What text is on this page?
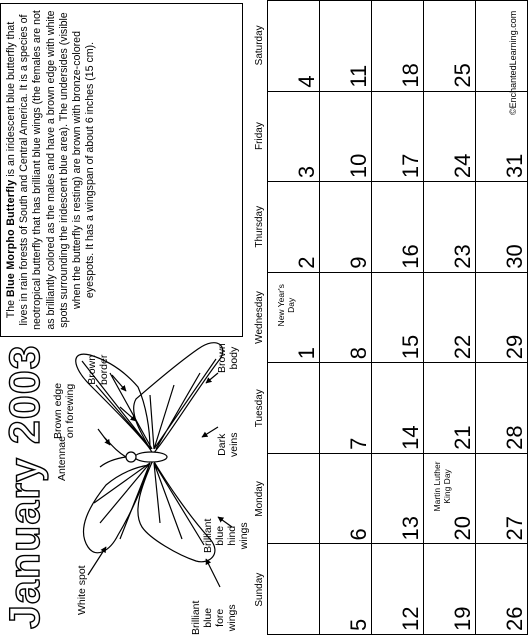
January 2003
The Blue Morpho Butterfly is an iridescent blue butterfly that lives in rain forests of South and Central America. It is a species of neotropical butterfly that has brilliant blue wings (the females are not as brilliantly colored as the males and have a brown edge with white spots surrounding the iridescent blue area). The undersides (visible when the butterfly is resting) are brown with bronze-colored eyespots. It has a wingspan of about 6 inches (15 cm).	©EnchantedLearning.com
White spot
Antennae
Brown edge on forewing
Brown border
Brilliant blue fore wings
Brilliant blue hind wings
Dark veins
Brown body
Sunday
Monday
Tuesday
Wednesday
Thursday
Friday
Saturday
1
New Year's Day
2
3
4
5
6
7
8
9
10
11
12
13
14
15
16
17
18
19
20
Martin Luther King Day
21
22
23
24
25
26
27
28
29
30
31
